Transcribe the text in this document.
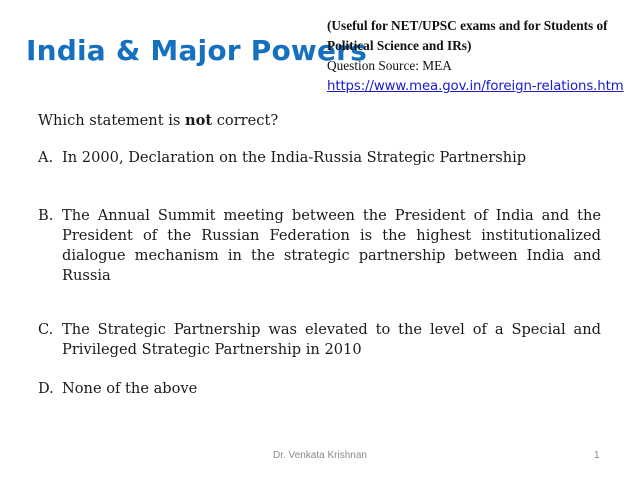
India & Major Powers
(Useful for NET/UPSC exams and for Students of
Political Science and IRs)
Question Source: MEA
https://www.mea.gov.in/foreign-relations.htm
Which statement is not correct?
A. In 2000, Declaration on the India-Russia Strategic Partnership
B. The Annual Summit meeting between the President of India and the President of the Russian Federation is the highest institutionalized dialogue mechanism in the strategic partnership between India and Russia
C. The Strategic Partnership was elevated to the level of a Special and Privileged Strategic Partnership in 2010
D. None of the above
Dr. Venkata Krishnan	1
